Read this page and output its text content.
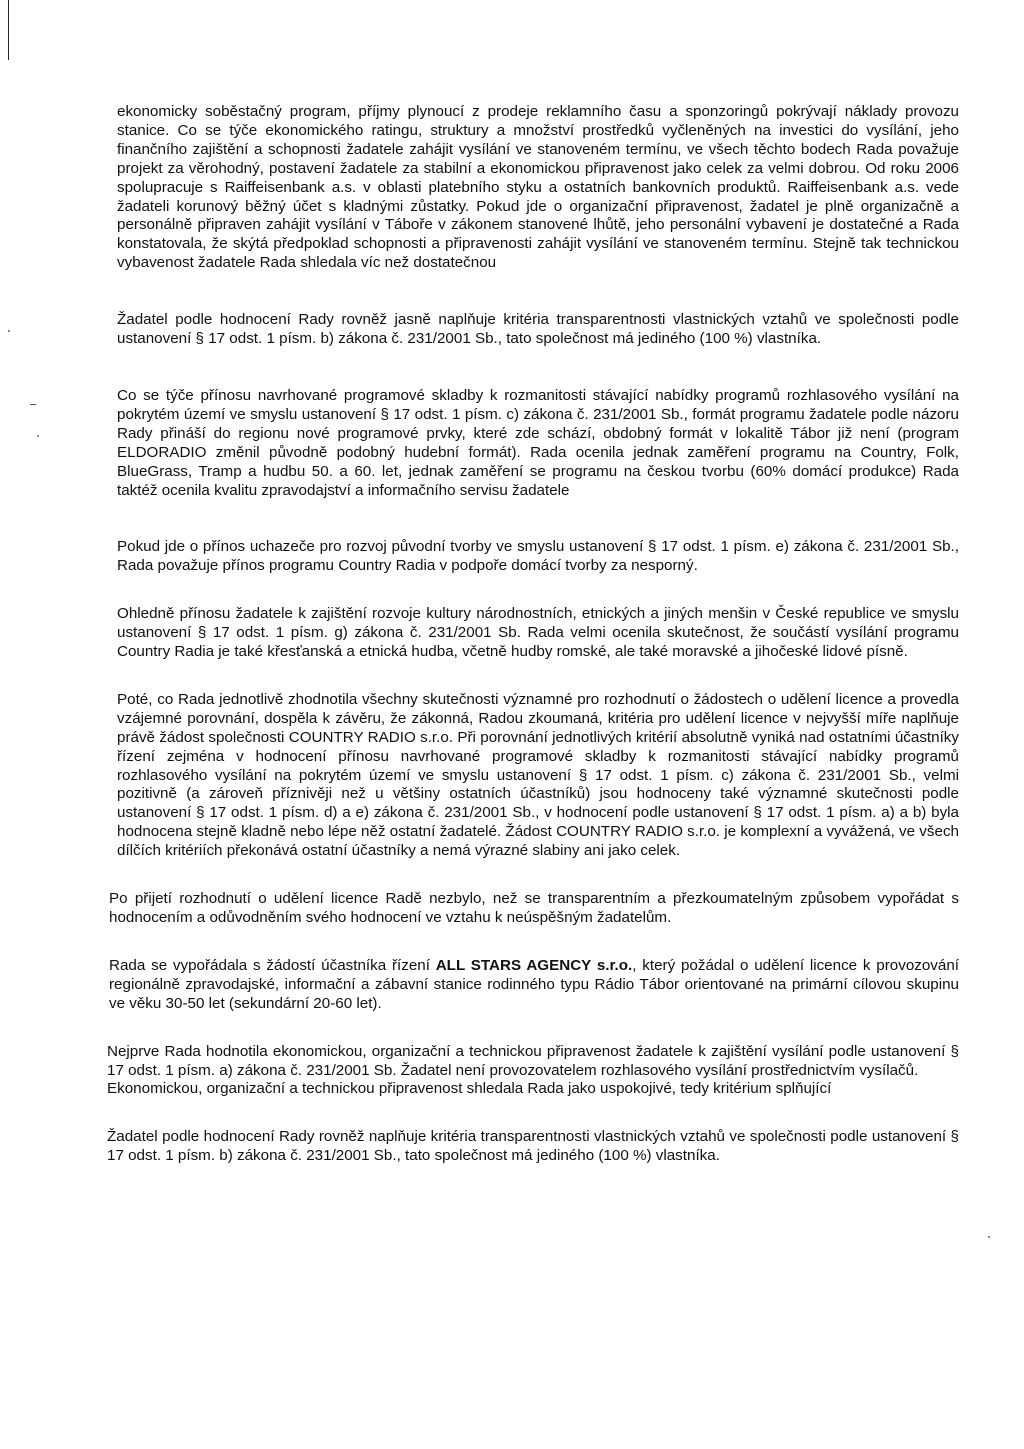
ekonomicky soběstačný program, příjmy plynoucí z prodeje reklamního času a sponzoringů pokrývají náklady provozu stanice. Co se týče ekonomického ratingu, struktury a množství prostředků vyčleněných na investici do vysílání, jeho finančního zajištění a schopnosti žadatele zahájit vysílání ve stanoveném termínu, ve všech těchto bodech Rada považuje projekt za věrohodný, postavení žadatele za stabilní a ekonomickou připravenost jako celek za velmi dobrou. Od roku 2006 spolupracuje s Raiffeisenbank a.s. v oblasti platebního styku a ostatních bankovních produktů. Raiffeisenbank a.s. vede žadateli korunový běžný účet s kladnými zůstatky. Pokud jde o organizační připravenost, žadatel je plně organizačně a personálně připraven zahájit vysílání v Táboře v zákonem stanovené lhůtě, jeho personální vybavení je dostatečné a Rada konstatovala, že skýtá předpoklad schopnosti a připravenosti zahájit vysílání ve stanoveném termínu. Stejně tak technickou vybavenost žadatele Rada shledala víc než dostatečnou

Žadatel podle hodnocení Rady rovněž jasně naplňuje kritéria transparentnosti vlastnických vztahů ve společnosti podle ustanovení § 17 odst. 1 písm. b) zákona č. 231/2001 Sb., tato společnost má jediného (100 %) vlastníka.

Co se týče přínosu navrhované programové skladby k rozmanitosti stávající nabídky programů rozhlasového vysílání na pokrytém území ve smyslu ustanovení § 17 odst. 1 písm. c) zákona č. 231/2001 Sb., formát programu žadatele podle názoru Rady přináší do regionu nové programové prvky, které zde schází, obdobný formát v lokalitě Tábor již není (program ELDORADIO změnil původně podobný hudební formát). Rada ocenila jednak zaměření programu na Country, Folk, BlueGrass, Tramp a hudbu 50. a 60. let, jednak zaměření se programu na českou tvorbu (60% domácí produkce) Rada taktéž ocenila kvalitu zpravodajství a informačního servisu žadatele

Pokud jde o přínos uchazeče pro rozvoj původní tvorby ve smyslu ustanovení § 17 odst. 1 písm. e) zákona č. 231/2001 Sb., Rada považuje přínos programu Country Radia v podpoře domácí tvorby za nesporný.

Ohledně přínosu žadatele k zajištění rozvoje kultury národnostních, etnických a jiných menšin v České republice ve smyslu ustanovení § 17 odst. 1 písm. g) zákona č. 231/2001 Sb. Rada velmi ocenila skutečnost, že součástí vysílání programu Country Radia je také křesťanská a etnická hudba, včetně hudby romské, ale také moravské a jihočeské lidové písně.

Poté, co Rada jednotlivě zhodnotila všechny skutečnosti významné pro rozhodnutí o žádostech o udělení licence a provedla vzájemné porovnání, dospěla k závěru, že zákonná, Radou zkoumaná, kritéria pro udělení licence v nejvyšší míře naplňuje právě žádost společnosti COUNTRY RADIO s.r.o. Při porovnání jednotlivých kritérií absolutně vyniká nad ostatními účastníky řízení zejména v hodnocení přínosu navrhované programové skladby k rozmanitosti stávající nabídky programů rozhlasového vysílání na pokrytém území ve smyslu ustanovení § 17 odst. 1 písm. c) zákona č. 231/2001 Sb., velmi pozitivně (a zároveň příznivěji než u většiny ostatních účastníků) jsou hodnoceny také významné skutečnosti podle ustanovení § 17 odst. 1 písm. d) a e) zákona č. 231/2001 Sb., v hodnocení podle ustanovení § 17 odst. 1 písm. a) a b) byla hodnocena stejně kladně nebo lépe něž ostatní žadatelé. Žádost COUNTRY RADIO s.r.o. je komplexní a vyvážená, ve všech dílčích kritériích překonává ostatní účastníky a nemá výrazné slabiny ani jako celek.

Po přijetí rozhodnutí o udělení licence Radě nezbylo, než se transparentním a přezkoumatelným způsobem vypořádat s hodnocením a odůvodněním svého hodnocení ve vztahu k neúspěšným žadatelům.

Rada se vypořádala s žádostí účastníka řízení ALL STARS AGENCY s.r.o., který požádal o udělení licence k provozování regionálně zpravodajské, informační a zábavní stanice rodinného typu Rádio Tábor orientované na primární cílovou skupinu ve věku 30-50 let (sekundární 20-60 let).

Nejprve Rada hodnotila ekonomickou, organizační a technickou připravenost žadatele k zajištění vysílání podle ustanovení § 17 odst. 1 písm. a) zákona č. 231/2001 Sb. Žadatel není provozovatelem rozhlasového vysílání prostřednictvím vysílačů.

Ekonomickou, organizační a technickou připravenost shledala Rada jako uspokojivé, tedy kritérium splňující

Žadatel podle hodnocení Rady rovněž naplňuje kritéria transparentnosti vlastnických vztahů ve společnosti podle ustanovení § 17 odst. 1 písm. b) zákona č. 231/2001 Sb., tato společnost má jediného (100 %) vlastníka.
